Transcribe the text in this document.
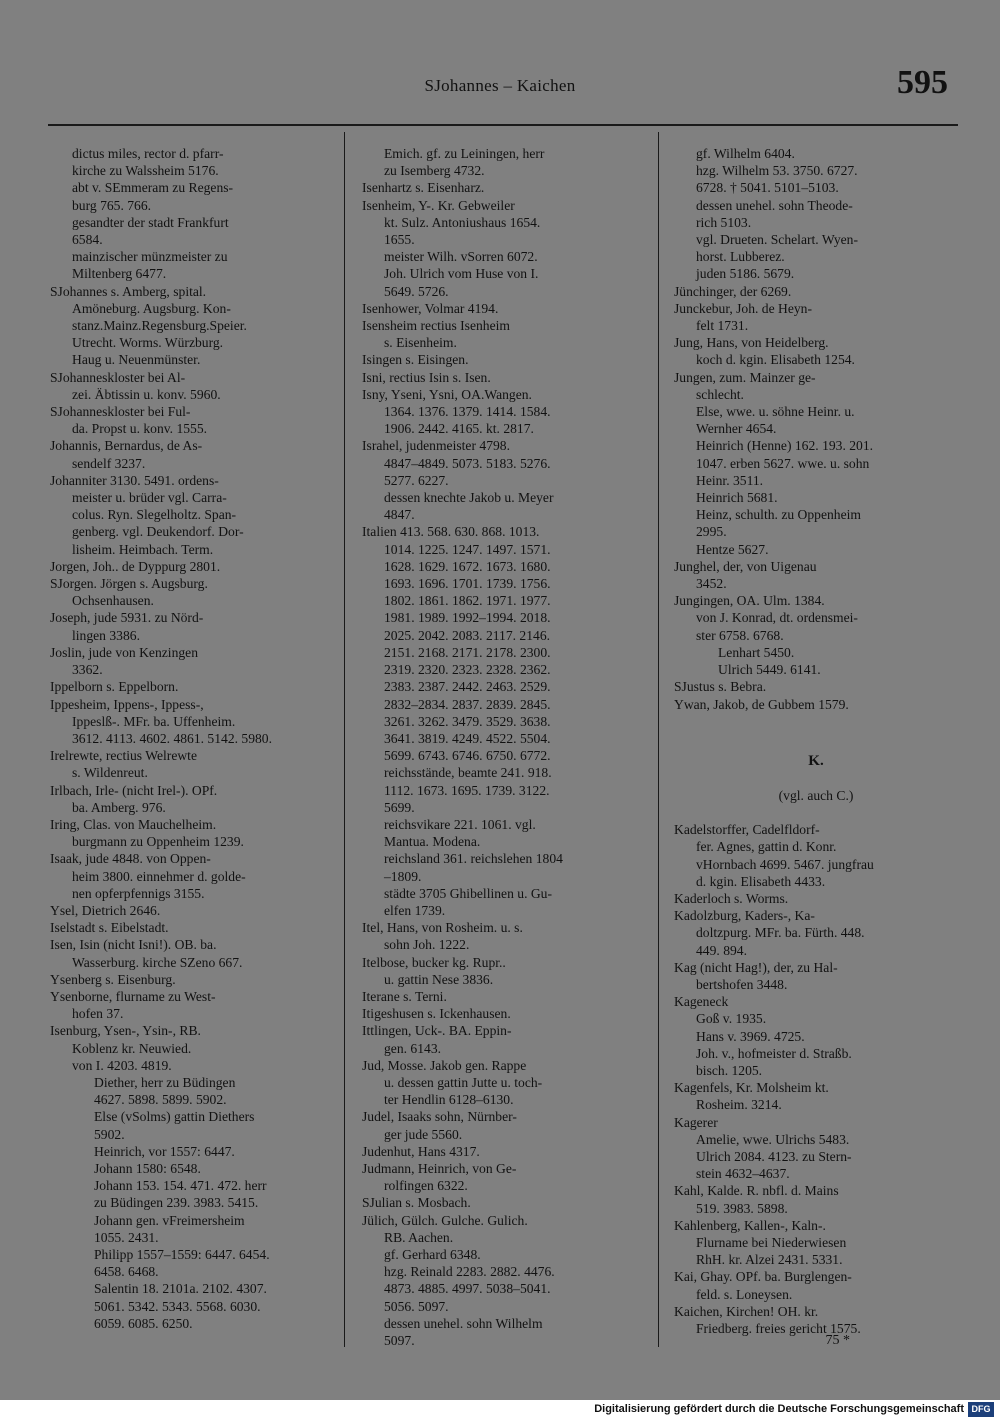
SJohannes – Kaichen	595
dictus miles, rector d. pfarr-
kirche zu Walssheim 5176.
abt v. SEmmeram zu Regens-
burg 765. 766.
gesandter der stadt Frankfurt
6584.
mainzischer münzmeister zu
Miltenberg 6477.
SJohannes s. Amberg, spital.
Amöneburg. Augsburg. Kon-
stanz.Mainz.Regensburg.Speier.
Utrecht. Worms. Würzburg.
Haug u. Neuenmünster.
SJohanneskloster bei Al-
zei. Äbtissin u. konv. 5960.
SJohanneskloster bei Ful-
da. Propst u. konv. 1555.
Johannis, Bernardus, de As-
sendelf 3237.
Johanniter 3130. 5491. ordens-
meister u. brüder vgl. Carra-
colus. Ryn. Slegelholtz. Span-
genberg. vgl. Deukendorf. Dor-
lisheim. Heimbach. Term.
Jorgen, Joh.. de Dyppurg 2801.
SJorgen. Jörgen s. Augsburg.
Ochsenhausen.
Joseph, jude 5931. zu Nörd-
lingen 3386.
Joslin, jude von Kenzingen
3362.
Ippelborn s. Eppelborn.
Ippesheim, Ippens-, Ippess-,
Ippeslß-. MFr. ba. Uffenheim.
3612. 4113. 4602. 4861. 5142. 5980.
Irelrewte, rectius Welrewte
s. Wildenreut.
Irlbach, Irle- (nicht Irel-). OPf.
ba. Amberg. 976.
Iring, Clas. von Mauchelheim.
burgmann zu Oppenheim 1239.
Isaak, jude 4848. von Oppen-
heim 3800. einnehmer d. golde-
nen opferpfennigs 3155.
Ysel, Dietrich 2646.
Iselstadt s. Eibelstadt.
Isen, Isin (nicht Isni!). OB. ba.
Wasserburg. kirche SZeno 667.
Ysenberg s. Eisenburg.
Ysenborne, flurname zu West-
hofen 37.
Isenburg, Ysen-, Ysin-, RB.
Koblenz kr. Neuwied.
von I. 4203. 4819.
Diether, herr zu Büdingen
4627. 5898. 5899. 5902.
Else (vSolms) gattin Diethers
5902.
Heinrich, vor 1557: 6447.
Johann 1580: 6548.
Johann 153. 154. 471. 472. herr
zu Büdingen 239. 3983. 5415.
Johann gen. vFreimersheim
1055. 2431.
Philipp 1557–1559: 6447. 6454.
6458. 6468.
Salentin 18. 2101a. 2102. 4307.
5061. 5342. 5343. 5568. 6030.
6059. 6085. 6250.
Emich. gf. zu Leiningen, herr
zu Isemberg 4732.
Isenhartz s. Eisenharz.
Isenheim, Y-. Kr. Gebweiler
kt. Sulz. Antoniushaus 1654.
1655.
meister Wilh. vSorren 6072.
Joh. Ulrich vom Huse von I.
5649. 5726.
Isenhower, Volmar 4194.
Isensheim rectius Isenheim
s. Eisenheim.
Isingen s. Eisingen.
Isni, rectius Isin s. Isen.
Isny, Yseni, Ysni, OA.Wangen.
1364. 1376. 1379. 1414. 1584.
1906. 2442. 4165. kt. 2817.
Israhel, judenmeister 4798.
4847–4849. 5073. 5183. 5276.
5277. 6227.
dessen knechte Jakob u. Meyer
4847.
Italien 413. 568. 630. 868. 1013.
1014. 1225. 1247. 1497. 1571.
1628. 1629. 1672. 1673. 1680.
1693. 1696. 1701. 1739. 1756.
1802. 1861. 1862. 1971. 1977.
1981. 1989. 1992–1994. 2018.
2025. 2042. 2083. 2117. 2146.
2151. 2168. 2171. 2178. 2300.
2319. 2320. 2323. 2328. 2362.
2383. 2387. 2442. 2463. 2529.
2832–2834. 2837. 2839. 2845.
3261. 3262. 3479. 3529. 3638.
3641. 3819. 4249. 4522. 5504.
5699. 6743. 6746. 6750. 6772.
reichsstände, beamte 241. 918.
1112. 1673. 1695. 1739. 3122.
5699.
reichsvikare 221. 1061. vgl.
Mantua. Modena.
reichsland 361. reichslehen 1804
–1809.
städte 3705 Ghibellinen u. Gu-
elfen 1739.
Itel, Hans, von Rosheim. u. s.
sohn Joh. 1222.
Itelbose, bucker kg. Rupr..
u. gattin Nese 3836.
Iterane s. Terni.
Itigeshusen s. Ickenhausen.
Ittlingen, Uck-. BA. Eppin-
gen. 6143.
Jud, Mosse. Jakob gen. Rappe
u. dessen gattin Jutte u. toch-
ter Hendlin 6128–6130.
Judel, Isaaks sohn, Nürnber-
ger jude 5560.
Judenhut, Hans 4317.
Judmann, Heinrich, von Ge-
rolfingen 6322.
SJulian s. Mosbach.
Jülich, Gülch. Gulche. Gulich.
RB. Aachen.
gf. Gerhard 6348.
hzg. Reinald 2283. 2882. 4476.
4873. 4885. 4997. 5038–5041.
5056. 5097.
dessen unehel. sohn Wilhelm
5097.
gf. Wilhelm 6404.
hzg. Wilhelm 53. 3750. 6727.
6728. † 5041. 5101–5103.
dessen unehel. sohn Theode-
rich 5103.
vgl. Drueten. Schelart. Wyen-
horst. Lubberez.
juden 5186. 5679.
Jünchinger, der 6269.
Junckebur, Joh. de Heyn-
felt 1731.
Jung, Hans, von Heidelberg.
koch d. kgin. Elisabeth 1254.
Jungen, zum. Mainzer ge-
schlecht.
Else, wwe. u. söhne Heinr. u.
Wernher 4654.
Heinrich (Henne) 162. 193. 201.
1047. erben 5627. wwe. u. sohn
Heinr. 3511.
Heinrich 5681.
Heinz, schulth. zu Oppenheim
2995.
Hentze 5627.
Junghel, der, von Uigenau
3452.
Jungingen, OA. Ulm. 1384.
von J. Konrad, dt. ordensmei-
ster 6758. 6768.
Lenhart 5450.
Ulrich 5449. 6141.
SJustus s. Bebra.
Ywan, Jakob, de Gubbem 1579.
K.
(vgl. auch C.)
Kadelstorffer, Cadelfldorf-
fer. Agnes, gattin d. Konr.
vHornbach 4699. 5467. jungfrau
d. kgin. Elisabeth 4433.
Kaderloch s. Worms.
Kadolzburg, Kaders-, Ka-
doltzpurg. MFr. ba. Fürth. 448.
449. 894.
Kag (nicht Hag!), der, zu Hal-
bertshofen 3448.
Kageneck
Goß v. 1935.
Hans v. 3969. 4725.
Joh. v., hofmeister d. Straßb.
bisch. 1205.
Kagenfels, Kr. Molsheim kt.
Rosheim. 3214.
Kagerer
Amelie, wwe. Ulrichs 5483.
Ulrich 2084. 4123. zu Stern-
stein 4632–4637.
Kahl, Kalde. R. nbfl. d. Mains
519. 3983. 5898.
Kahlenberg, Kallen-, Kaln-.
Flurname bei Niederwiesen
RhH. kr. Alzei 2431. 5331.
Kai, Ghay. OPf. ba. Burglengen-
feld. s. Loneysen.
Kaichen, Kirchen! OH. kr.
Friedberg. freies gericht 1575.
75 *
Digitalisierung gefördert durch die Deutsche Forschungsgemeinschaft DFG
